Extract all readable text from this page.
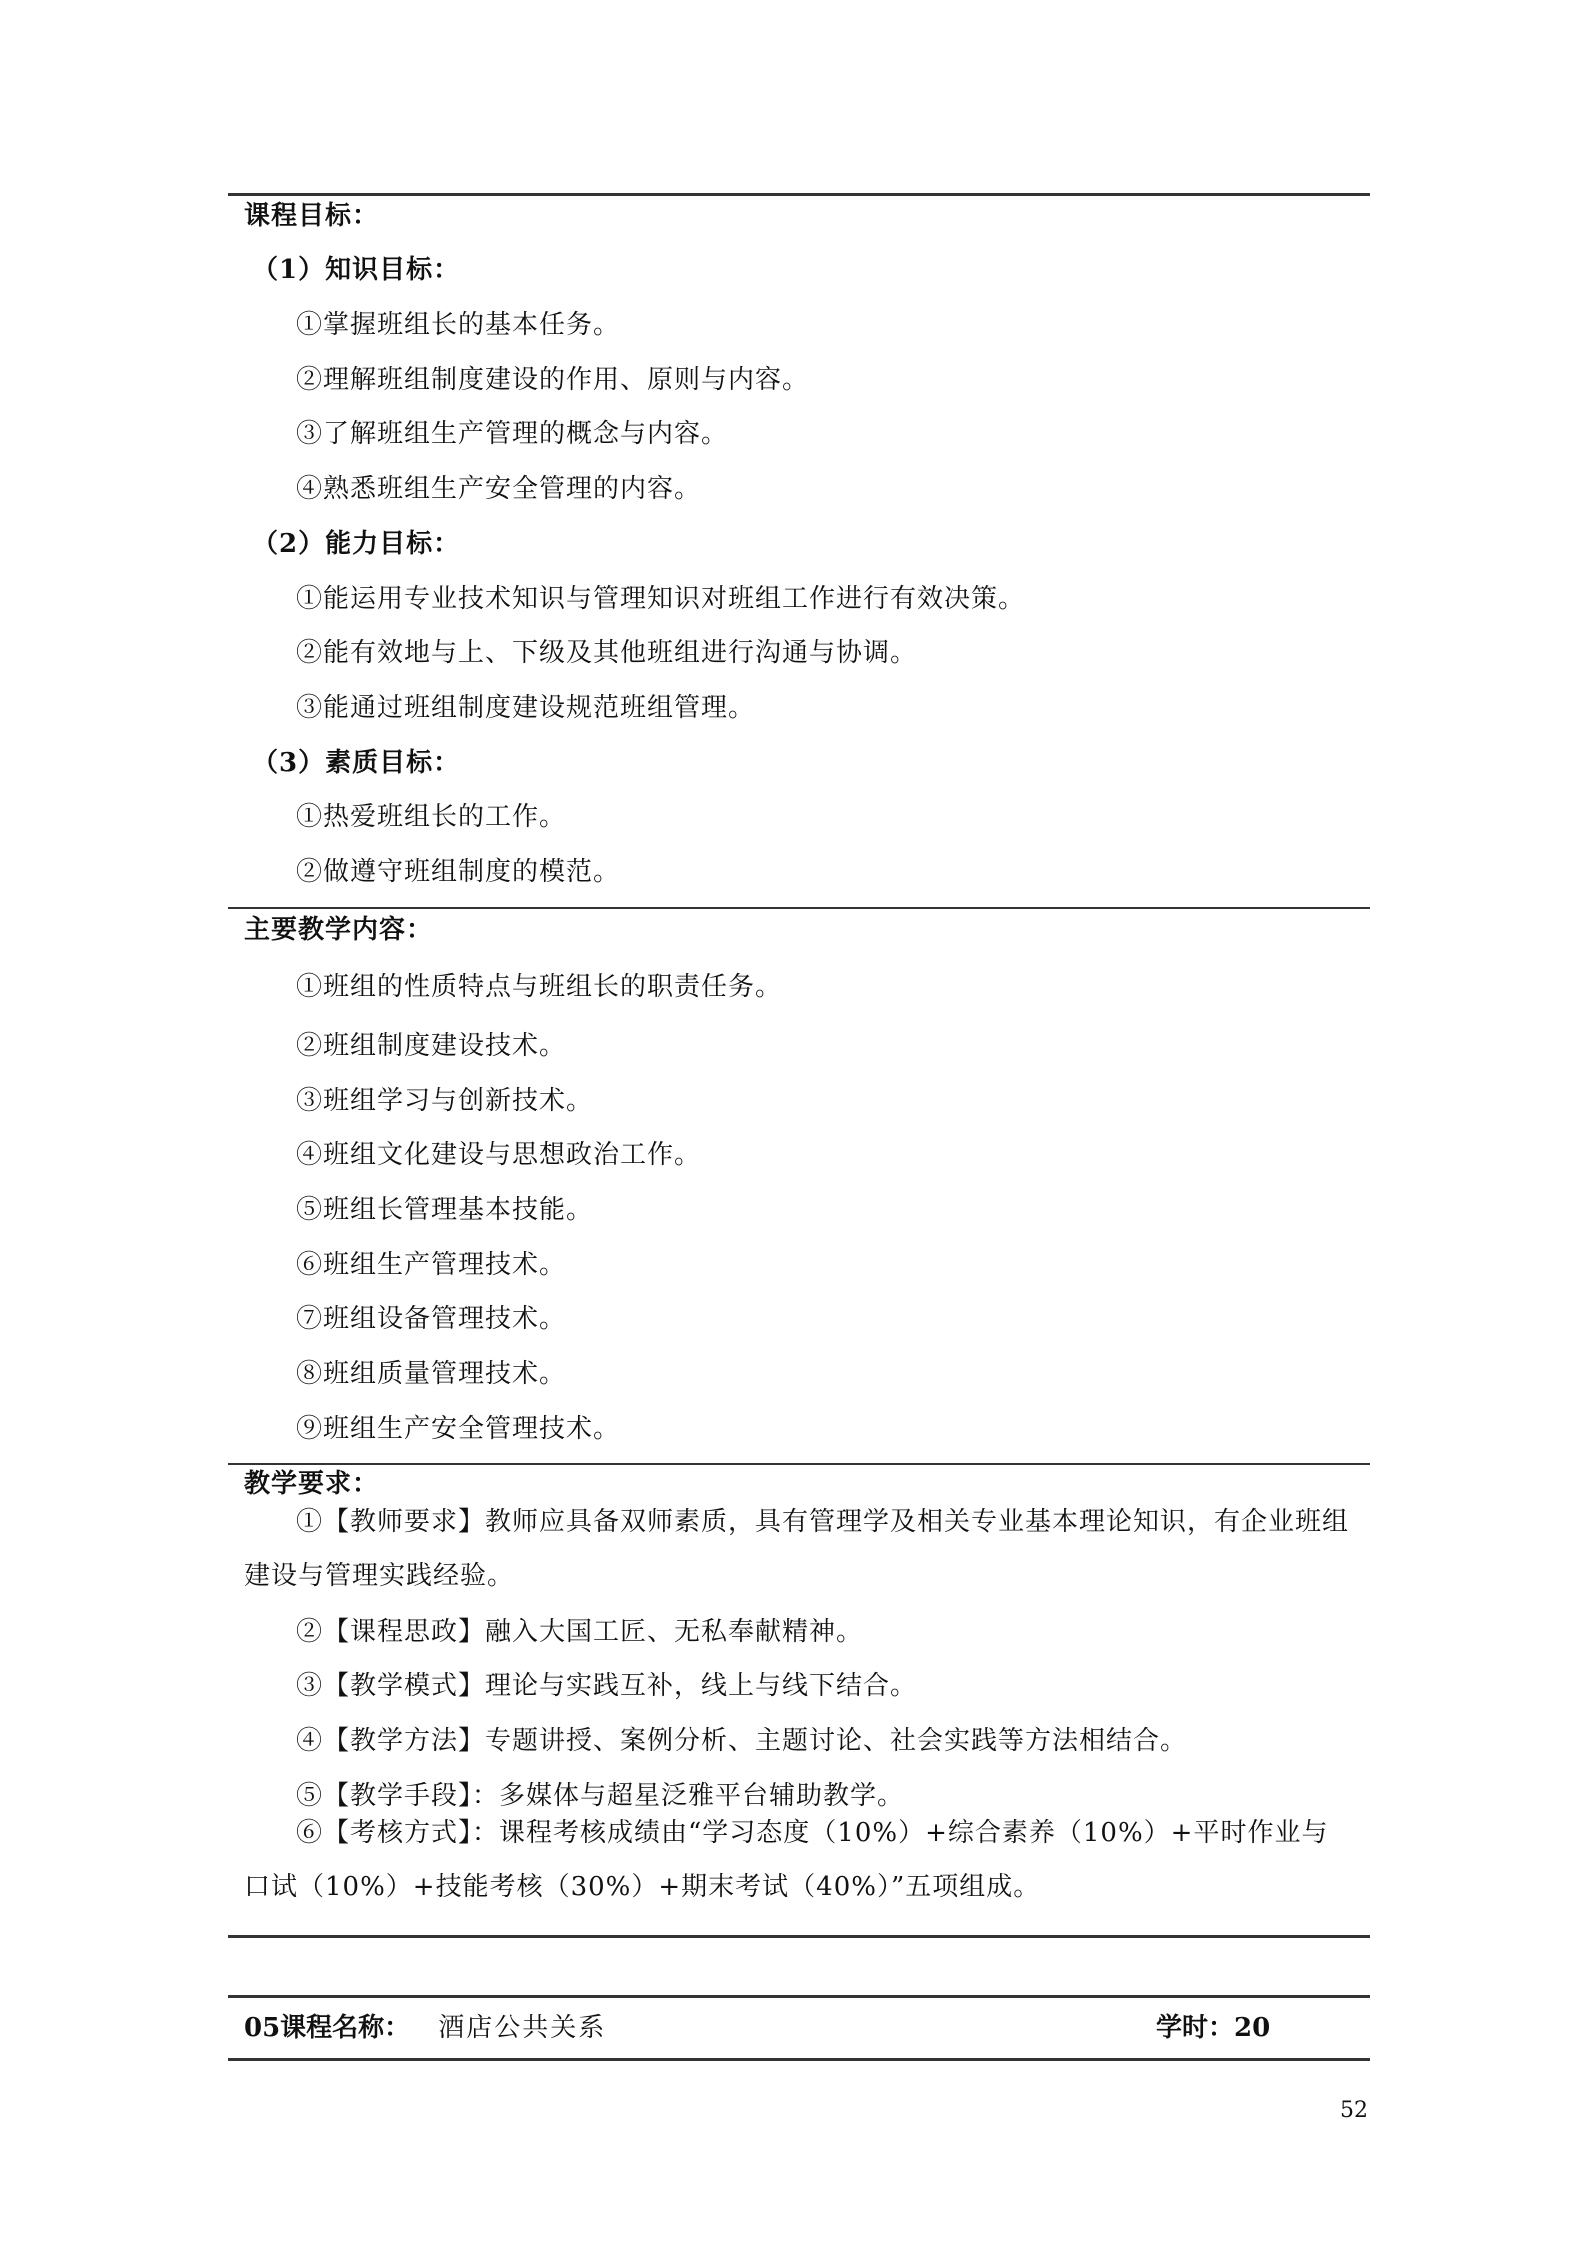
课程目标：
（1）知识目标：
①掌握班组长的基本任务。
②理解班组制度建设的作用、原则与内容。
③了解班组生产管理的概念与内容。
④熟悉班组生产安全管理的内容。
（2）能力目标：
①能运用专业技术知识与管理知识对班组工作进行有效决策。
②能有效地与上、下级及其他班组进行沟通与协调。
③能通过班组制度建设规范班组管理。
（3）素质目标：
①热爱班组长的工作。
②做遵守班组制度的模范。
主要教学内容：
①班组的性质特点与班组长的职责任务。
②班组制度建设技术。
③班组学习与创新技术。
④班组文化建设与思想政治工作。
⑤班组长管理基本技能。
⑥班组生产管理技术。
⑦班组设备管理技术。
⑧班组质量管理技术。
⑨班组生产安全管理技术。
教学要求：
①【教师要求】教师应具备双师素质，具有管理学及相关专业基本理论知识，有企业班组建设与管理实践经验。
②【课程思政】融入大国工匠、无私奉献精神。
③【教学模式】理论与实践互补，线上与线下结合。
④【教学方法】专题讲授、案例分析、主题讨论、社会实践等方法相结合。
⑤【教学手段】：多媒体与超星泛雅平台辅助教学。
⑥【考核方式】：课程考核成绩由“学习态度（10%）+综合素养（10%）+平时作业与口试（10%）+技能考核（30%）+期末考试（40%）”五项组成。
05课程名称： 酒店公共关系	学时：20
52
